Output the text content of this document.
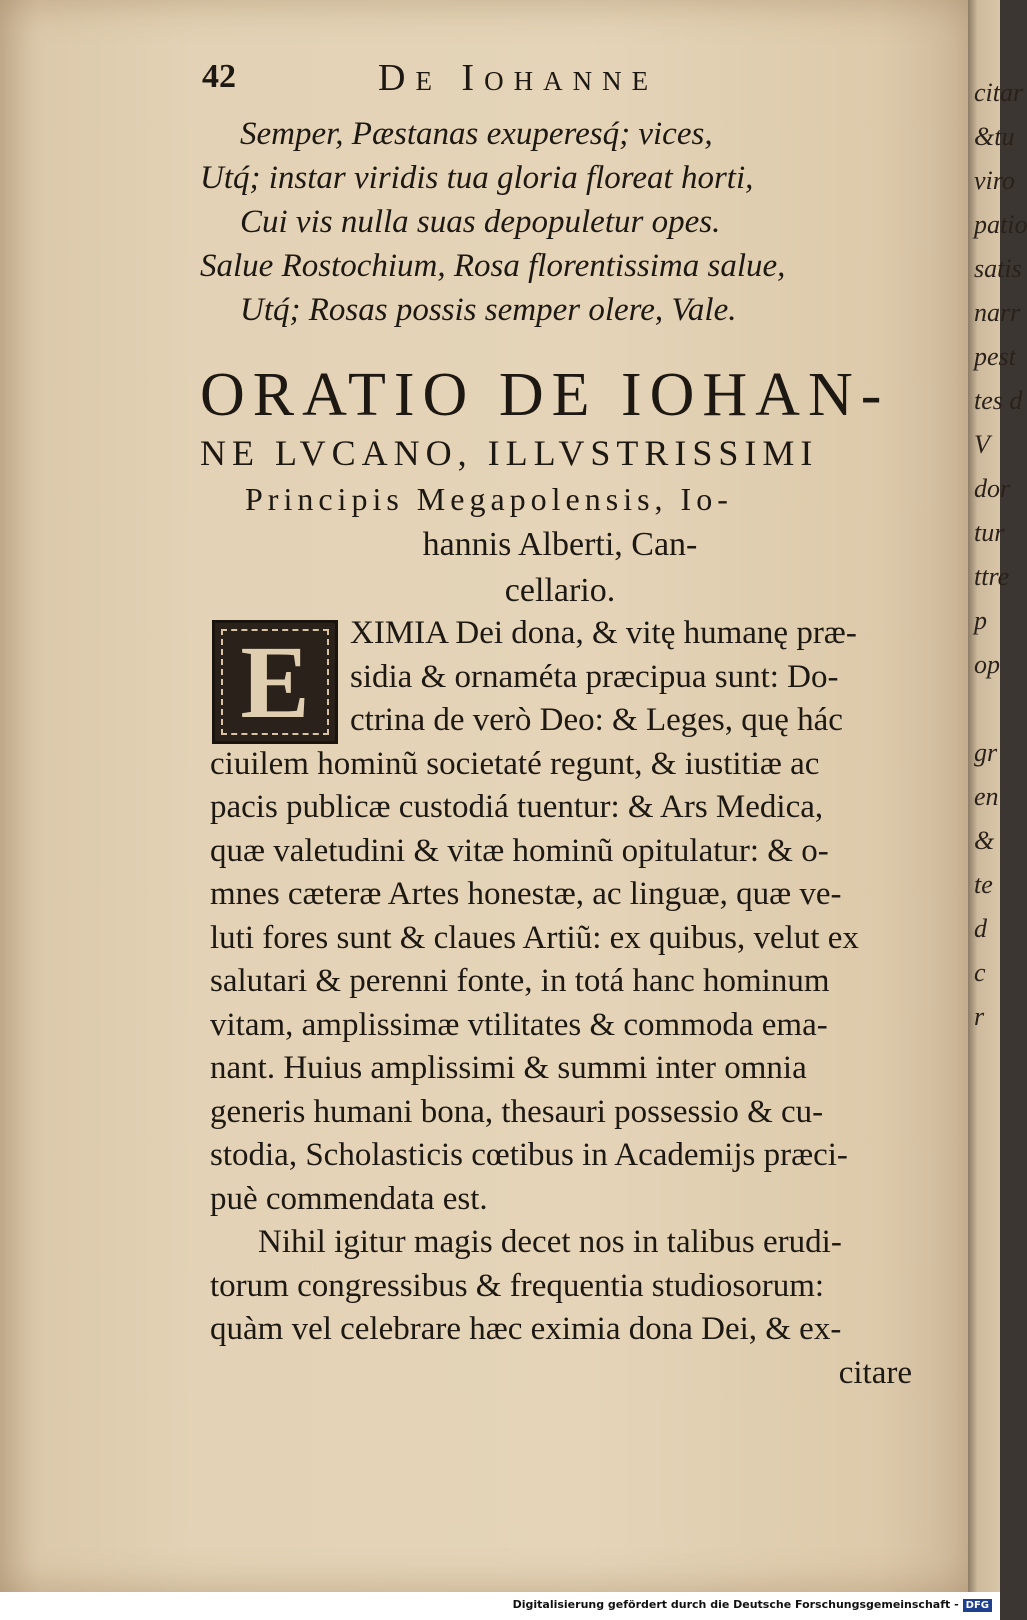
42	De Iohanne
Semper, Pæstanas exuperesq́; vices,
Utq́; instar viridis tua gloria floreat horti,
Cui vis nulla suas depopuletur opes.
Salue Rostochium, Rosa florentissima salue,
Utq́; Rosas possis semper olere, Vale.
ORATIO DE IOHAN-
NE LVCANO, ILLVSTRISSIMI
Principis Megapolensis, Io-
hannis Alberti, Can-
cellario.
E	XIMIA Dei dona, & vitę humanę præ-
sidia & ornaméta præcipua sunt: Do-
ctrina de verò Deo: & Leges, quę hác
ciuilem hominũ societaté regunt, & iustitiæ ac
pacis publicæ custodiá tuentur: & Ars Medica,
quæ valetudini & vitæ hominũ opitulatur: & o-
mnes cæteræ Artes honestæ, ac linguæ, quæ ve-
luti fores sunt & claues Artiũ: ex quibus, velut ex
salutari & perenni fonte, in totá hanc hominum
vitam, amplissimæ vtilitates & commoda ema-
nant. Huius amplissimi & summi inter omnia
generis humani bona, thesauri possessio & cu-
stodia, Scholasticis cœtibus in Academijs præci-
puè commendata est.
Nihil igitur magis decet nos in talibus erudi-
torum congressibus & frequentia studiosorum:
quàm vel celebrare hæc eximia dona Dei, & ex-
citare
citar
&tu
viro
patio
satis
narr
pest
tes d
V
dor
tur
ttre
p
op
gr
en
&
te
d
c
r
Digitalisierung gefördert durch die Deutsche Forschungsgemeinschaft - DFG
